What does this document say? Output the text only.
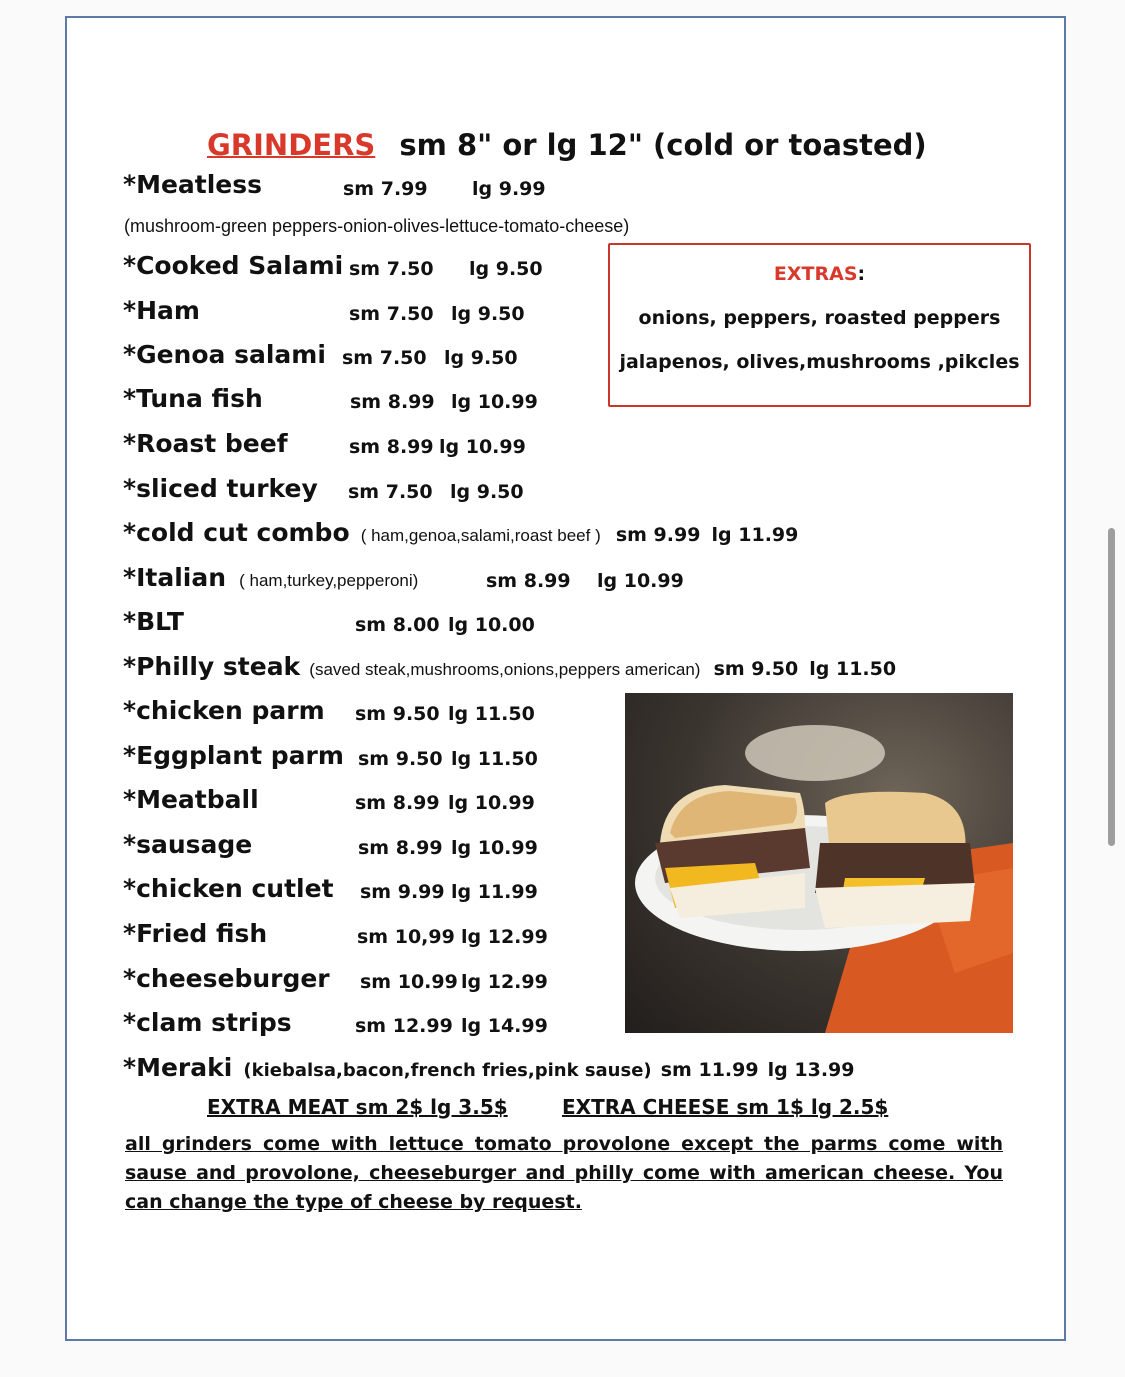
GRINDERS sm 8" or lg 12" (cold or toasted)
*Meatless	sm 7.99 lg 9.99
(mushroom-green peppers-onion-olives-lettuce-tomato-cheese)
*Cooked Salami sm 7.50 lg 9.50
*Ham	sm 7.50 lg 9.50
*Genoa salami sm 7.50 lg 9.50
*Tuna fish	sm 8.99 lg 10.99
*Roast beef	sm 8.99 lg 10.99
*sliced turkey sm 7.50 lg 9.50
*cold cut combo ( ham,genoa,salami,roast beef ) sm 9.99 lg 11.99
*Italian ( ham,turkey,pepperoni)	sm 8.99 lg 10.99
*BLT	sm 8.00 lg 10.00
*Philly steak (saved steak,mushrooms,onions,peppers american) sm 9.50 lg 11.50
*chicken parm sm 9.50 lg 11.50
*Eggplant parm sm 9.50 lg 11.50
*Meatball	sm 8.99 lg 10.99
*sausage	sm 8.99 lg 10.99
*chicken cutlet sm 9.99 lg 11.99
*Fried fish	sm 10,99 lg 12.99
*cheeseburger sm 10.99 lg 12.99
*clam strips	sm 12.99 lg 14.99
*Meraki (kiebalsa,bacon,french fries,pink sause) sm 11.99 lg 13.99
EXTRAS:
onions, peppers, roasted peppers
jalapenos, olives,mushrooms ,pikcles
EXTRA MEAT sm 2$ lg 3.5$	EXTRA CHEESE sm 1$ lg 2.5$
all grinders come with lettuce tomato provolone except the parms come with sause and provolone, cheeseburger and philly come with american cheese. You can change the type of cheese by request.
